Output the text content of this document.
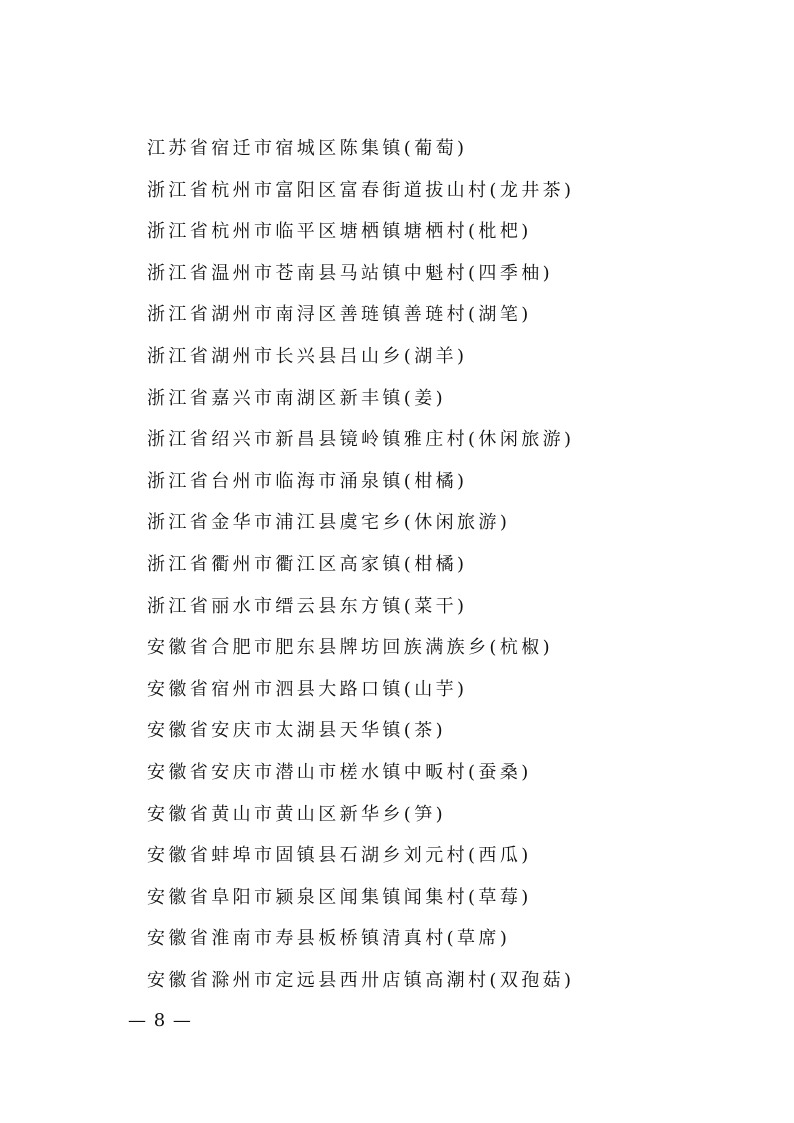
江苏省宿迁市宿城区陈集镇(葡萄)
浙江省杭州市富阳区富春街道拔山村(龙井茶)
浙江省杭州市临平区塘栖镇塘栖村(枇杷)
浙江省温州市苍南县马站镇中魁村(四季柚)
浙江省湖州市南浔区善琏镇善琏村(湖笔)
浙江省湖州市长兴县吕山乡(湖羊)
浙江省嘉兴市南湖区新丰镇(姜)
浙江省绍兴市新昌县镜岭镇雅庄村(休闲旅游)
浙江省台州市临海市涌泉镇(柑橘)
浙江省金华市浦江县虞宅乡(休闲旅游)
浙江省衢州市衢江区高家镇(柑橘)
浙江省丽水市缙云县东方镇(菜干)
安徽省合肥市肥东县牌坊回族满族乡(杭椒)
安徽省宿州市泗县大路口镇(山芋)
安徽省安庆市太湖县天华镇(茶)
安徽省安庆市潜山市槎水镇中畈村(蚕桑)
安徽省黄山市黄山区新华乡(笋)
安徽省蚌埠市固镇县石湖乡刘元村(西瓜)
安徽省阜阳市颍泉区闻集镇闻集村(草莓)
安徽省淮南市寿县板桥镇清真村(草席)
安徽省滁州市定远县西卅店镇高潮村(双孢菇)
— 8 —
